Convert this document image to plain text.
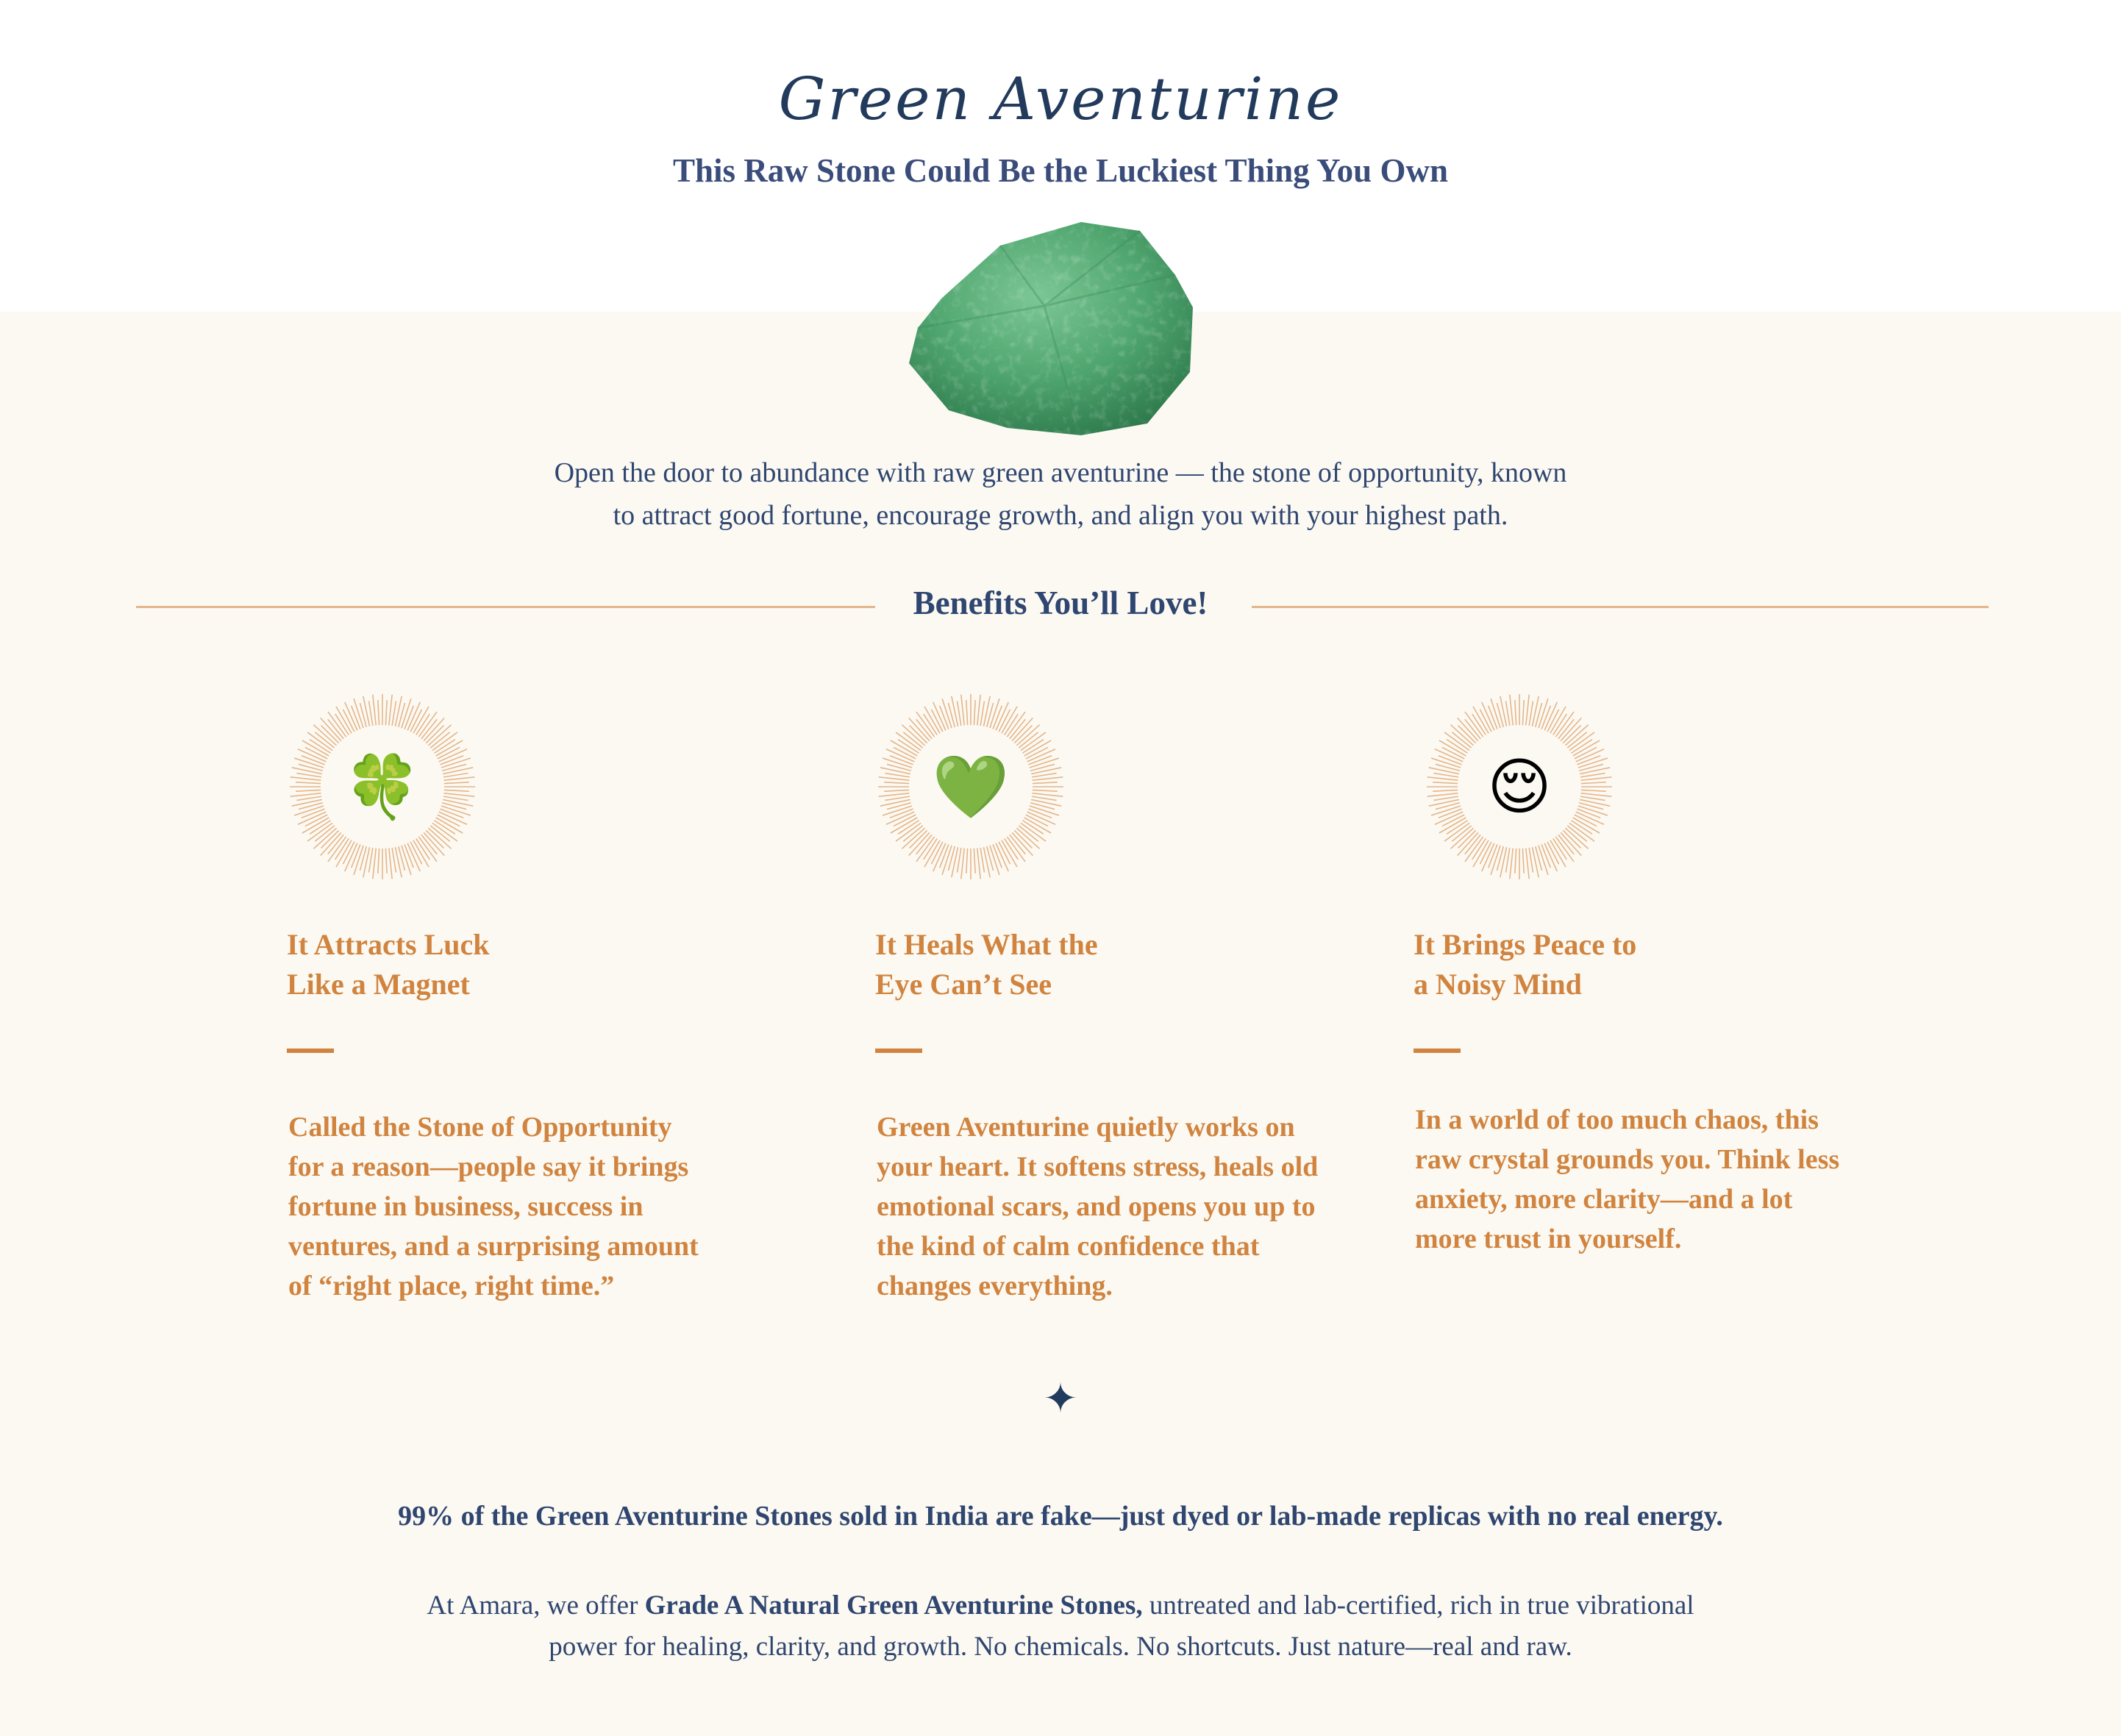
Green Aventurine
This Raw Stone Could Be the Luckiest Thing You Own
Open the door to abundance with raw green aventurine — the stone of opportunity, known
to attract good fortune, encourage growth, and align you with your highest path.
Benefits You’ll Love!
🍀
It Attracts Luck
Like a Magnet

Called the Stone of Opportunity
for a reason—people say it brings
fortune in business, success in
ventures, and a surprising amount
of “right place, right time.”

💚
It Heals What the
Eye Can’t See

Green Aventurine quietly works on
your heart. It softens stress, heals old
emotional scars, and opens you up to
the kind of calm confidence that
changes everything.

😌
It Brings Peace to
a Noisy Mind

In a world of too much chaos, this
raw crystal grounds you. Think less
anxiety, more clarity—and a lot
more trust in yourself.

✦

99% of the Green Aventurine Stones sold in India are fake—just dyed or lab-made replicas with no real energy.

At Amara, we offer Grade A Natural Green Aventurine Stones, untreated and lab-certified, rich in true vibrational
power for healing, clarity, and growth. No chemicals. No shortcuts. Just nature—real and raw.
